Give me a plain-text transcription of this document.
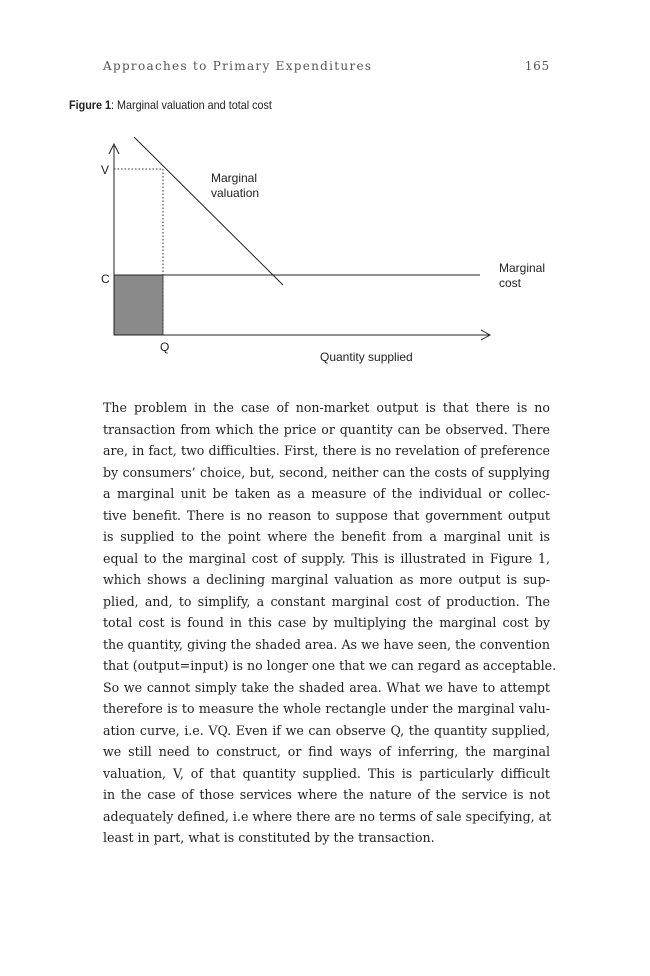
Approaches to Primary Expenditures	165
Figure 1: Marginal valuation and total cost
V
C
Q
Marginal
valuation
Marginal
cost
Quantity supplied
The problem in the case of non-market output is that there is no
transaction from which the price or quantity can be observed. There
are, in fact, two difficulties. First, there is no revelation of preference
by consumers’ choice, but, second, neither can the costs of supplying
a marginal unit be taken as a measure of the individual or collec-
tive benefit. There is no reason to suppose that government output
is supplied to the point where the benefit from a marginal unit is
equal to the marginal cost of supply. This is illustrated in Figure 1,
which shows a declining marginal valuation as more output is sup-
plied, and, to simplify, a constant marginal cost of production. The
total cost is found in this case by multiplying the marginal cost by
the quantity, giving the shaded area. As we have seen, the convention
that (output=input) is no longer one that we can regard as acceptable.
So we cannot simply take the shaded area. What we have to attempt
therefore is to measure the whole rectangle under the marginal valu-
ation curve, i.e. VQ. Even if we can observe Q, the quantity supplied,
we still need to construct, or find ways of inferring, the marginal
valuation, V, of that quantity supplied. This is particularly difficult
in the case of those services where the nature of the service is not
adequately defined, i.e where there are no terms of sale specifying, at
least in part, what is constituted by the transaction.
